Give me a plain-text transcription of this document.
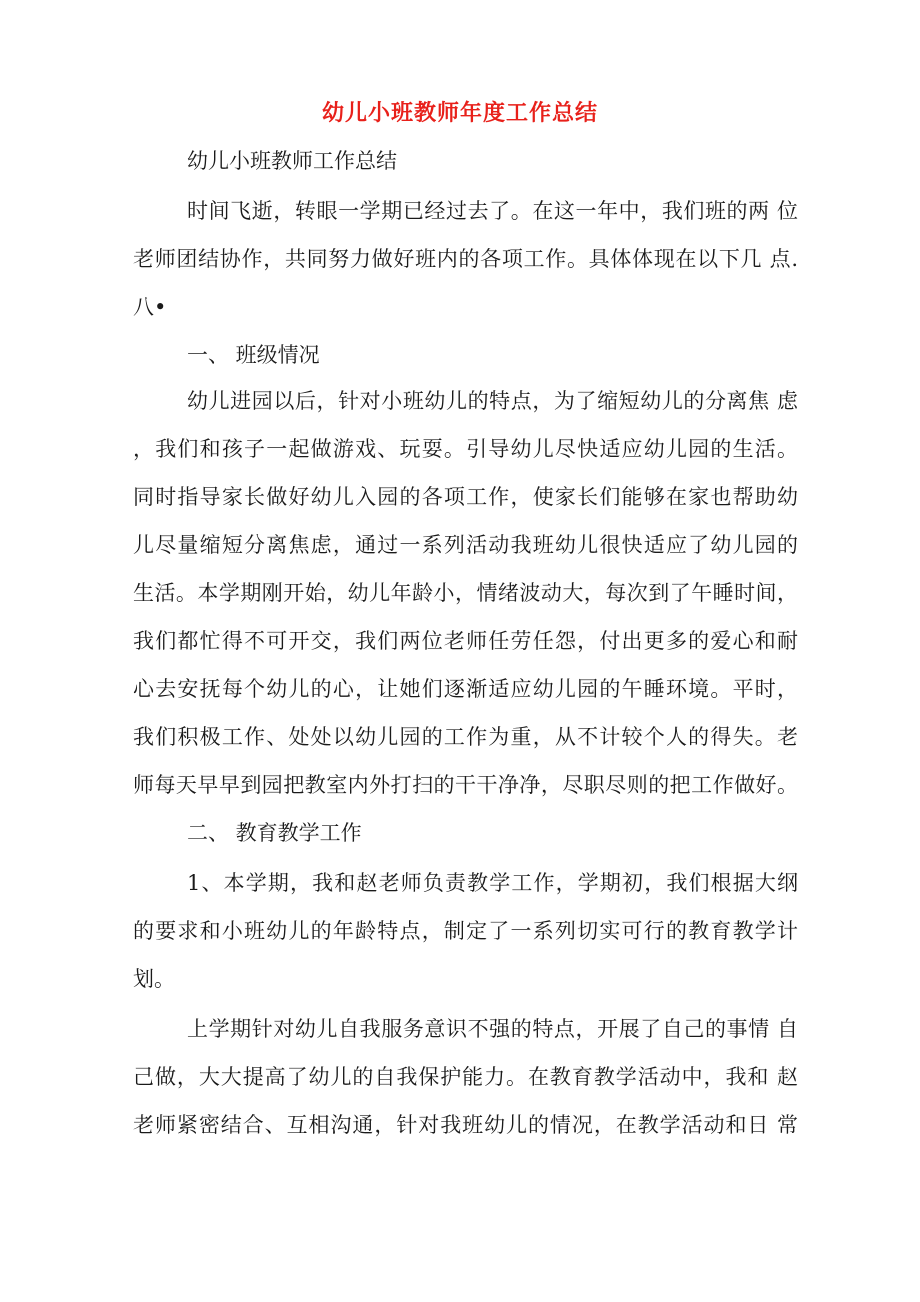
幼儿小班教师年度工作总结
幼儿小班教师工作总结
时间飞逝，转眼一学期已经过去了。在这一年中，我们班的两 位
老师团结协作，共同努力做好班内的各项工作。具体体现在以下几 点.
八•
一、 班级情况
幼儿进园以后，针对小班幼儿的特点，为了缩短幼儿的分离焦 虑
，我们和孩子一起做游戏、玩耍。引导幼儿尽快适应幼儿园的生活。
同时指导家长做好幼儿入园的各项工作，使家长们能够在家也帮助幼
儿尽量缩短分离焦虑，通过一系列活动我班幼儿很快适应了幼儿园的
生活。本学期刚开始，幼儿年龄小，情绪波动大，每次到了午睡时间，
我们都忙得不可开交，我们两位老师任劳任怨，付出更多的爱心和耐
心去安抚每个幼儿的心，让她们逐渐适应幼儿园的午睡环境。平时，
我们积极工作、处处以幼儿园的工作为重，从不计较个人的得失。老
师每天早早到园把教室内外打扫的干干净净，尽职尽则的把工作做好。
二、 教育教学工作
1、本学期，我和赵老师负责教学工作，学期初，我们根据大纲
的要求和小班幼儿的年龄特点，制定了一系列切实可行的教育教学计
划。
上学期针对幼儿自我服务意识不强的特点，开展了自己的事情 自
己做，大大提高了幼儿的自我保护能力。在教育教学活动中，我和 赵
老师紧密结合、互相沟通，针对我班幼儿的情况，在教学活动和日 常
